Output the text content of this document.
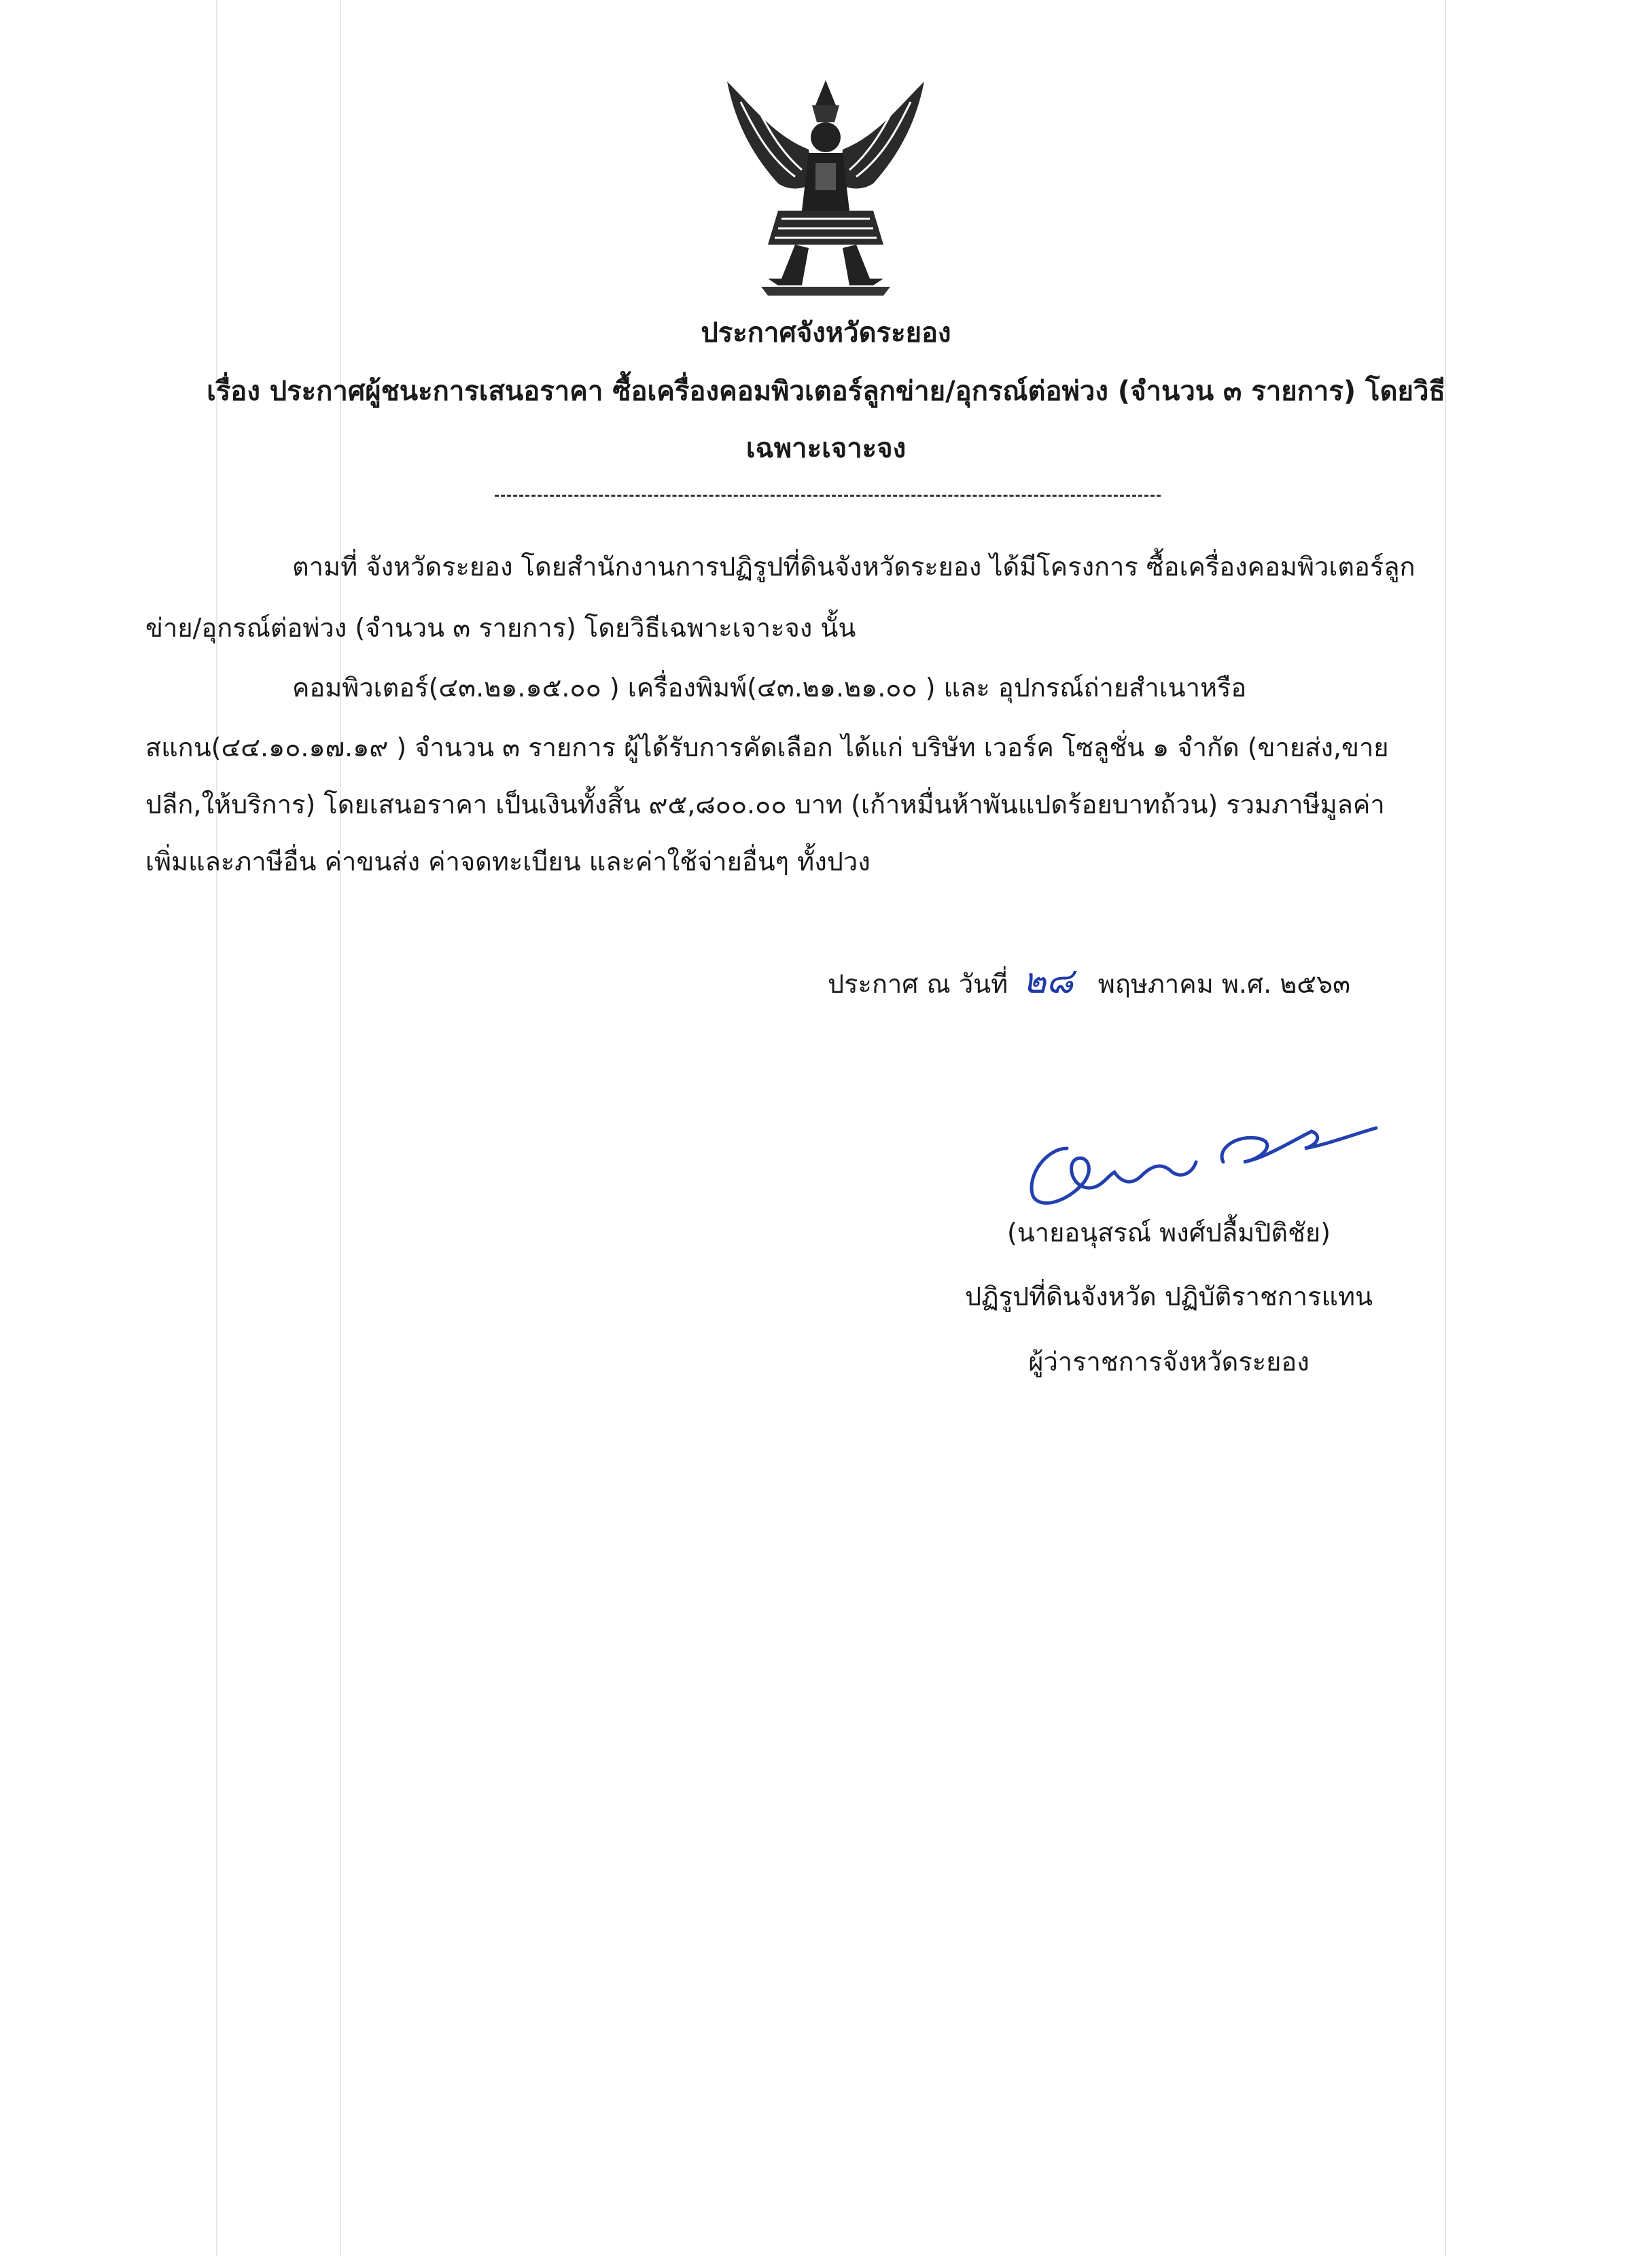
ประกาศจังหวัดระยอง
เรื่อง ประกาศผู้ชนะการเสนอราคา ซื้อเครื่องคอมพิวเตอร์ลูกข่าย/อุกรณ์ต่อพ่วง (จำนวน ๓ รายการ) โดยวิธี
เฉพาะเจาะจง
ตามที่ จังหวัดระยอง โดยสำนักงานการปฏิรูปที่ดินจังหวัดระยอง ได้มีโครงการ ซื้อเครื่องคอมพิวเตอร์ลูก
ข่าย/อุกรณ์ต่อพ่วง (จำนวน ๓ รายการ) โดยวิธีเฉพาะเจาะจง นั้น
คอมพิวเตอร์(๔๓.๒๑.๑๕.๐๐ ) เครื่องพิมพ์(๔๓.๒๑.๒๑.๐๐ ) และ อุปกรณ์ถ่ายสำเนาหรือ
สแกน(๔๔.๑๐.๑๗.๑๙ ) จำนวน ๓ รายการ ผู้ได้รับการคัดเลือก ได้แก่ บริษัท เวอร์ค โซลูชั่น ๑ จำกัด (ขายส่ง,ขาย
ปลีก,ให้บริการ) โดยเสนอราคา เป็นเงินทั้งสิ้น ๙๕,๘๐๐.๐๐ บาท (เก้าหมื่นห้าพันแปดร้อยบาทถ้วน) รวมภาษีมูลค่า
เพิ่มและภาษีอื่น ค่าขนส่ง ค่าจดทะเบียน และค่าใช้จ่ายอื่นๆ ทั้งปวง
ประกาศ ณ วันที่ ๒๘ พฤษภาคม พ.ศ. ๒๕๖๓
(นายอนุสรณ์ พงศ์ปลื้มปิติชัย)
ปฏิรูปที่ดินจังหวัด ปฏิบัติราชการแทน
ผู้ว่าราชการจังหวัดระยอง
